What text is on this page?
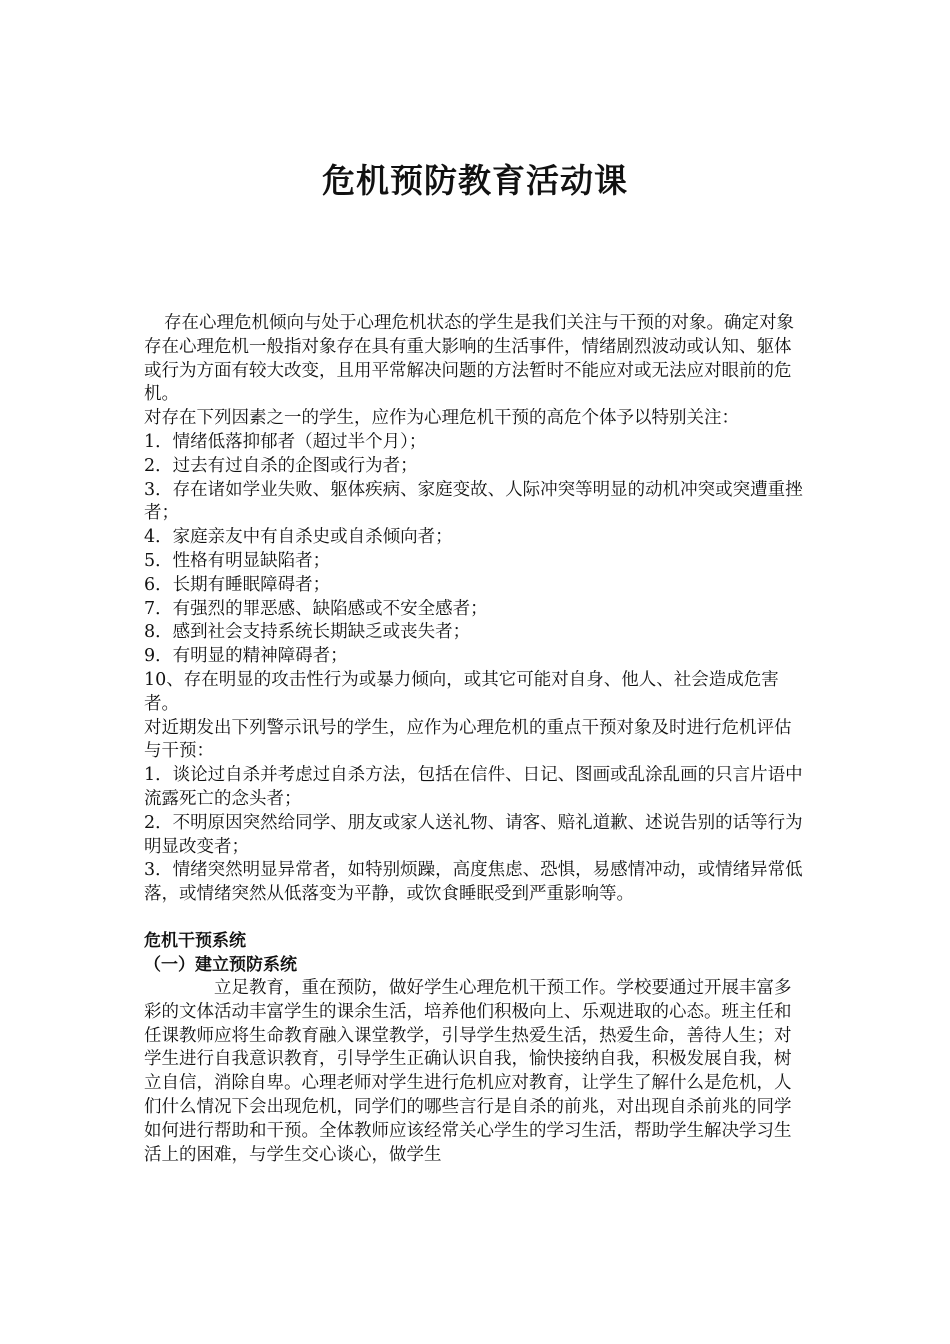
危机预防教育活动课

存在心理危机倾向与处于心理危机状态的学生是我们关注与干预的对象。确定对象存在心理危机一般指对象存在具有重大影响的生活事件，情绪剧烈波动或认知、躯体或行为方面有较大改变，且用平常解决问题的方法暂时不能应对或无法应对眼前的危机。

对存在下列因素之一的学生，应作为心理危机干预的高危个体予以特别关注：

1．情绪低落抑郁者（超过半个月）；

2．过去有过自杀的企图或行为者；

3．存在诸如学业失败、躯体疾病、家庭变故、人际冲突等明显的动机冲突或突遭重挫者；

4．家庭亲友中有自杀史或自杀倾向者；

5．性格有明显缺陷者；

6．长期有睡眠障碍者；

7．有强烈的罪恶感、缺陷感或不安全感者；

8．感到社会支持系统长期缺乏或丧失者；

9．有明显的精神障碍者；

10、存在明显的攻击性行为或暴力倾向，或其它可能对自身、他人、社会造成危害者。

对近期发出下列警示讯号的学生，应作为心理危机的重点干预对象及时进行危机评估与干预：

1．谈论过自杀并考虑过自杀方法，包括在信件、日记、图画或乱涂乱画的只言片语中流露死亡的念头者；

2．不明原因突然给同学、朋友或家人送礼物、请客、赔礼道歉、述说告别的话等行为明显改变者；

3．情绪突然明显异常者，如特别烦躁，高度焦虑、恐惧，易感情冲动，或情绪异常低落，或情绪突然从低落变为平静，或饮食睡眠受到严重影响等。

危机干预系统

（一）建立预防系统

立足教育，重在预防，做好学生心理危机干预工作。学校要通过开展丰富多彩的文体活动丰富学生的课余生活，培养他们积极向上、乐观进取的心态。班主任和任课教师应将生命教育融入课堂教学，引导学生热爱生活，热爱生命，善待人生；对学生进行自我意识教育，引导学生正确认识自我，愉快接纳自我，积极发展自我，树立自信，消除自卑。心理老师对学生进行危机应对教育，让学生了解什么是危机，人们什么情况下会出现危机，同学们的哪些言行是自杀的前兆，对出现自杀前兆的同学如何进行帮助和干预。全体教师应该经常关心学生的学习生活，帮助学生解决学习生活上的困难，与学生交心谈心，做学生
